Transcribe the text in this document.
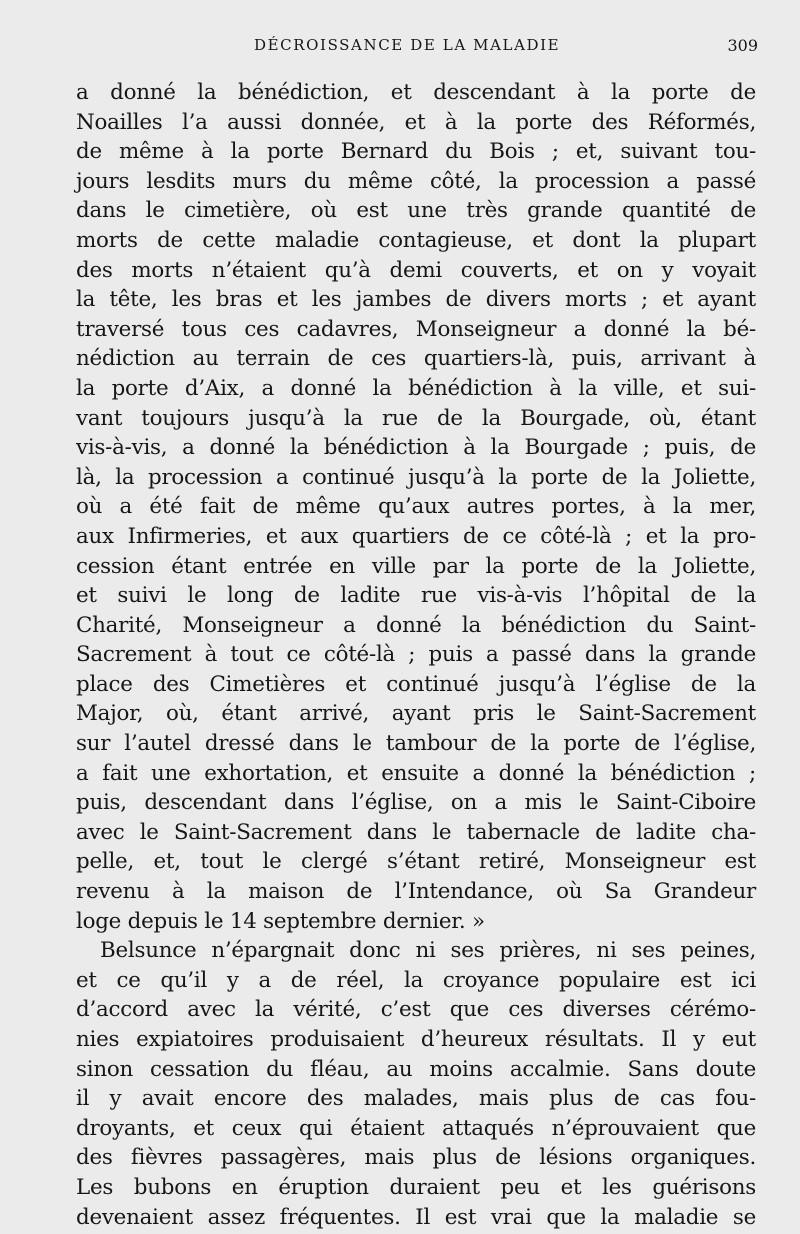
DÉCROISSANCE DE LA MALADIE	309
a donné la bénédiction, et descendant à la porte de
Noailles l’a aussi donnée, et à la porte des Réformés,
de même à la porte Bernard du Bois ; et, suivant tou-
jours lesdits murs du même côté, la procession a passé
dans le cimetière, où est une très grande quantité de
morts de cette maladie contagieuse, et dont la plupart
des morts n’étaient qu’à demi couverts, et on y voyait
la tête, les bras et les jambes de divers morts ; et ayant
traversé tous ces cadavres, Monseigneur a donné la bé-
nédiction au terrain de ces quartiers-là, puis, arrivant à
la porte d’Aix, a donné la bénédiction à la ville, et sui-
vant toujours jusqu’à la rue de la Bourgade, où, étant
vis-à-vis, a donné la bénédiction à la Bourgade ; puis, de
là, la procession a continué jusqu’à la porte de la Joliette,
où a été fait de même qu’aux autres portes, à la mer,
aux Infirmeries, et aux quartiers de ce côté-là ; et la pro-
cession étant entrée en ville par la porte de la Joliette,
et suivi le long de ladite rue vis-à-vis l’hôpital de la
Charité, Monseigneur a donné la bénédiction du Saint-
Sacrement à tout ce côté-là ; puis a passé dans la grande
place des Cimetières et continué jusqu’à l’église de la
Major, où, étant arrivé, ayant pris le Saint-Sacrement
sur l’autel dressé dans le tambour de la porte de l’église,
a fait une exhortation, et ensuite a donné la bénédiction ;
puis, descendant dans l’église, on a mis le Saint-Ciboire
avec le Saint-Sacrement dans le tabernacle de ladite cha-
pelle, et, tout le clergé s’étant retiré, Monseigneur est
revenu à la maison de l’Intendance, où Sa Grandeur
loge depuis le 14 septembre dernier. »
Belsunce n’épargnait donc ni ses prières, ni ses peines,
et ce qu’il y a de réel, la croyance populaire est ici
d’accord avec la vérité, c’est que ces diverses cérémo-
nies expiatoires produisaient d’heureux résultats. Il y eut
sinon cessation du fléau, au moins accalmie. Sans doute
il y avait encore des malades, mais plus de cas fou-
droyants, et ceux qui étaient attaqués n’éprouvaient que
des fièvres passagères, mais plus de lésions organiques.
Les bubons en éruption duraient peu et les guérisons
devenaient assez fréquentes. Il est vrai que la maladie se
